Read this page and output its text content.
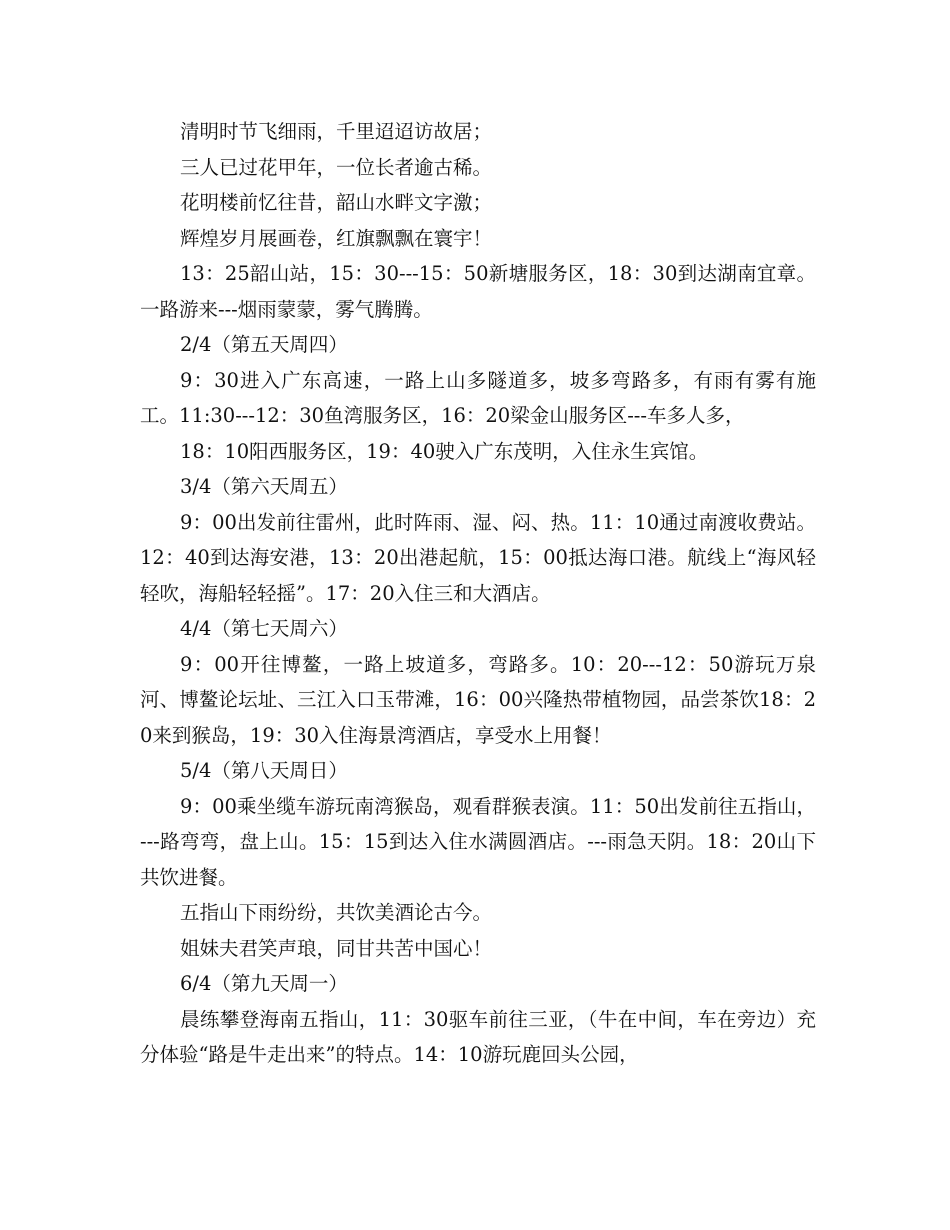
清明时节飞细雨，千里迢迢访故居；

三人已过花甲年，一位长者逾古稀。

花明楼前忆往昔，韶山水畔文字激；

辉煌岁月展画卷，红旗飘飘在寰宇！

13：25韶山站，15：30---15：50新塘服务区，18：30到达湖南宜章。一路游来---烟雨蒙蒙，雾气腾腾。

2/4（第五天周四）

9：30进入广东高速，一路上山多隧道多，坡多弯路多，有雨有雾有施工。11:30---12：30鱼湾服务区，16：20梁金山服务区---车多人多，

18：10阳西服务区，19：40驶入广东茂明，入住永生宾馆。

3/4（第六天周五）

9：00出发前往雷州，此时阵雨、湿、闷、热。11：10通过南渡收费站。12：40到达海安港，13：20出港起航，15：00抵达海口港。航线上“海风轻轻吹，海船轻轻摇”。17：20入住三和大酒店。

4/4（第七天周六）

9：00开往博鳌，一路上坡道多，弯路多。10：20---12：50游玩万泉河、博鳌论坛址、三江入口玉带滩，16：00兴隆热带植物园，品尝茶饮18：20来到猴岛，19：30入住海景湾酒店，享受水上用餐！

5/4（第八天周日）

9：00乘坐缆车游玩南湾猴岛，观看群猴表演。11：50出发前往五指山，---路弯弯，盘上山。15：15到达入住水满圆酒店。---雨急天阴。18：20山下共饮进餐。

五指山下雨纷纷，共饮美酒论古今。

姐妹夫君笑声琅，同甘共苦中国心！

6/4（第九天周一）

晨练攀登海南五指山，11：30驱车前往三亚，（牛在中间，车在旁边）充分体验“路是牛走出来”的特点。14：10游玩鹿回头公园，
